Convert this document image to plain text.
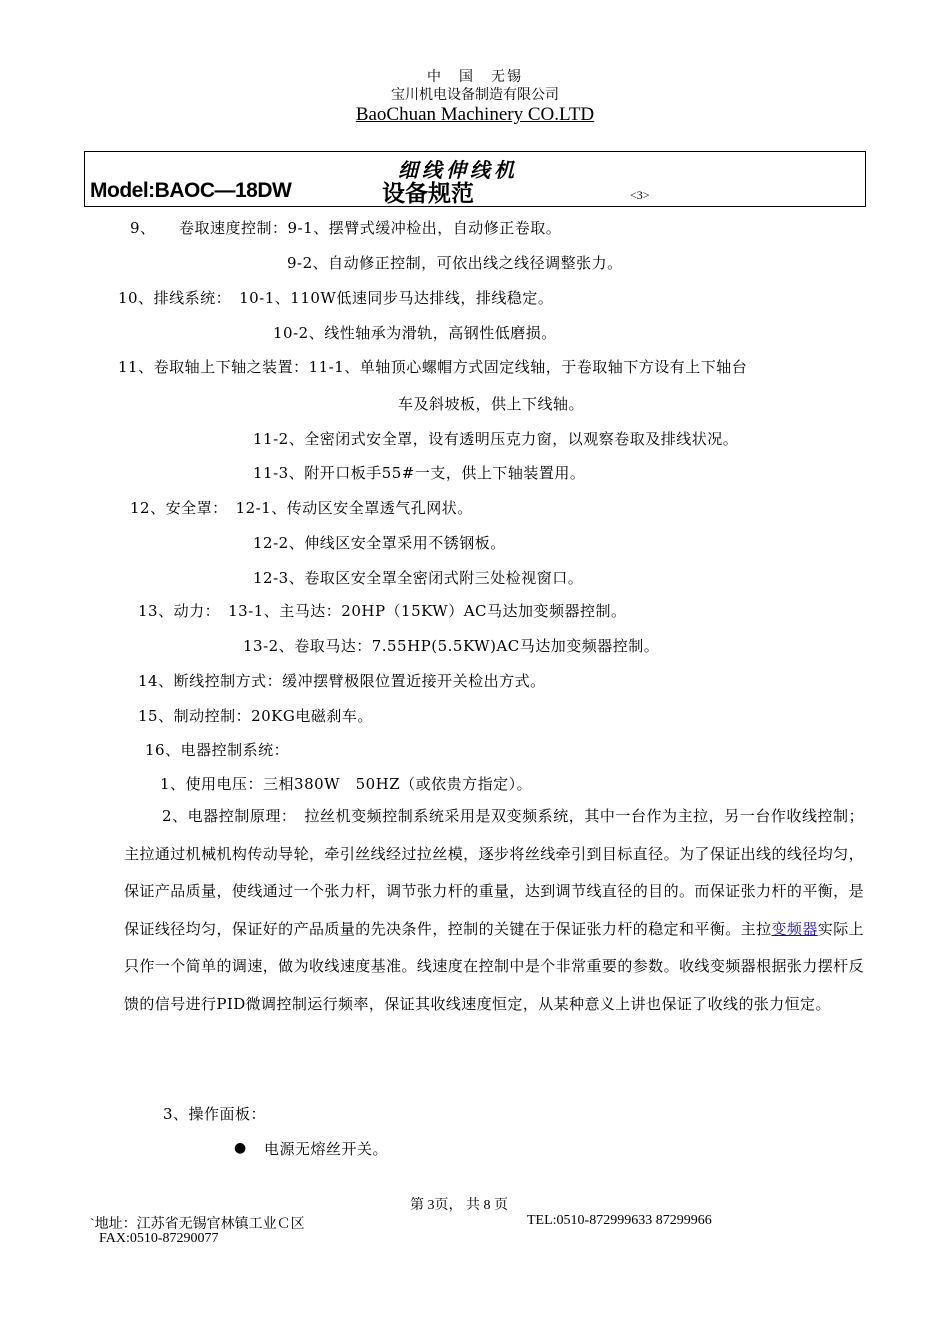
中　国　无锡
宝川机电设备制造有限公司
BaoChuan Machinery CO.LTD
细线伸线机
Model:BAOC—18DW	设备规范	<3>
9、　　卷取速度控制：9-1、摆臂式缓冲检出，自动修正卷取。
9-2、自动修正控制，可依出线之线径调整张力。
10、排线系统：　10-1、110W低速同步马达排线，排线稳定。
10-2、线性轴承为滑轨，高钢性低磨损。
11、卷取轴上下轴之装置：11-1、单轴顶心螺帽方式固定线轴，于卷取轴下方设有上下轴台
车及斜坡板，供上下线轴。
11-2、全密闭式安全罩，设有透明压克力窗，以观察卷取及排线状况。
11-3、附开口板手55#一支，供上下轴装置用。
12、安全罩：　12-1、传动区安全罩透气孔网状。
12-2、伸线区安全罩采用不锈钢板。
12-3、卷取区安全罩全密闭式附三处检视窗口。
13、动力：　13-1、主马达：20HP（15KW）AC马达加变频器控制。
13-2、卷取马达：7.55HP(5.5KW)AC马达加变频器控制。
14、断线控制方式：缓冲摆臂极限位置近接开关检出方式。
15、制动控制：20KG电磁刹车。
16、电器控制系统：
1、使用电压：三相380W　50HZ（或依贵方指定）。
2、电器控制原理：　拉丝机变频控制系统采用是双变频系统，其中一台作为主拉，另一台作收线控制；主拉通过机械机构传动导轮，牵引丝线经过拉丝模，逐步将丝线牵引到目标直径。为了保证出线的线径均匀，保证产品质量，使线通过一个张力杆，调节张力杆的重量，达到调节线直径的目的。而保证张力杆的平衡，是保证线径均匀，保证好的产品质量的先决条件，控制的关键在于保证张力杆的稳定和平衡。主拉变频器实际上只作一个简单的调速，做为收线速度基准。线速度在控制中是个非常重要的参数。收线变频器根据张力摆杆反馈的信号进行PID微调控制运行频率，保证其收线速度恒定，从某种意义上讲也保证了收线的张力恒定。
3、操作面板：
● 电源无熔丝开关。
第 3页， 共 8 页
`地址：江苏省无锡官林镇工业Ｃ区	TEL:0510-872999633 87299966
FAX:0510-87290077
